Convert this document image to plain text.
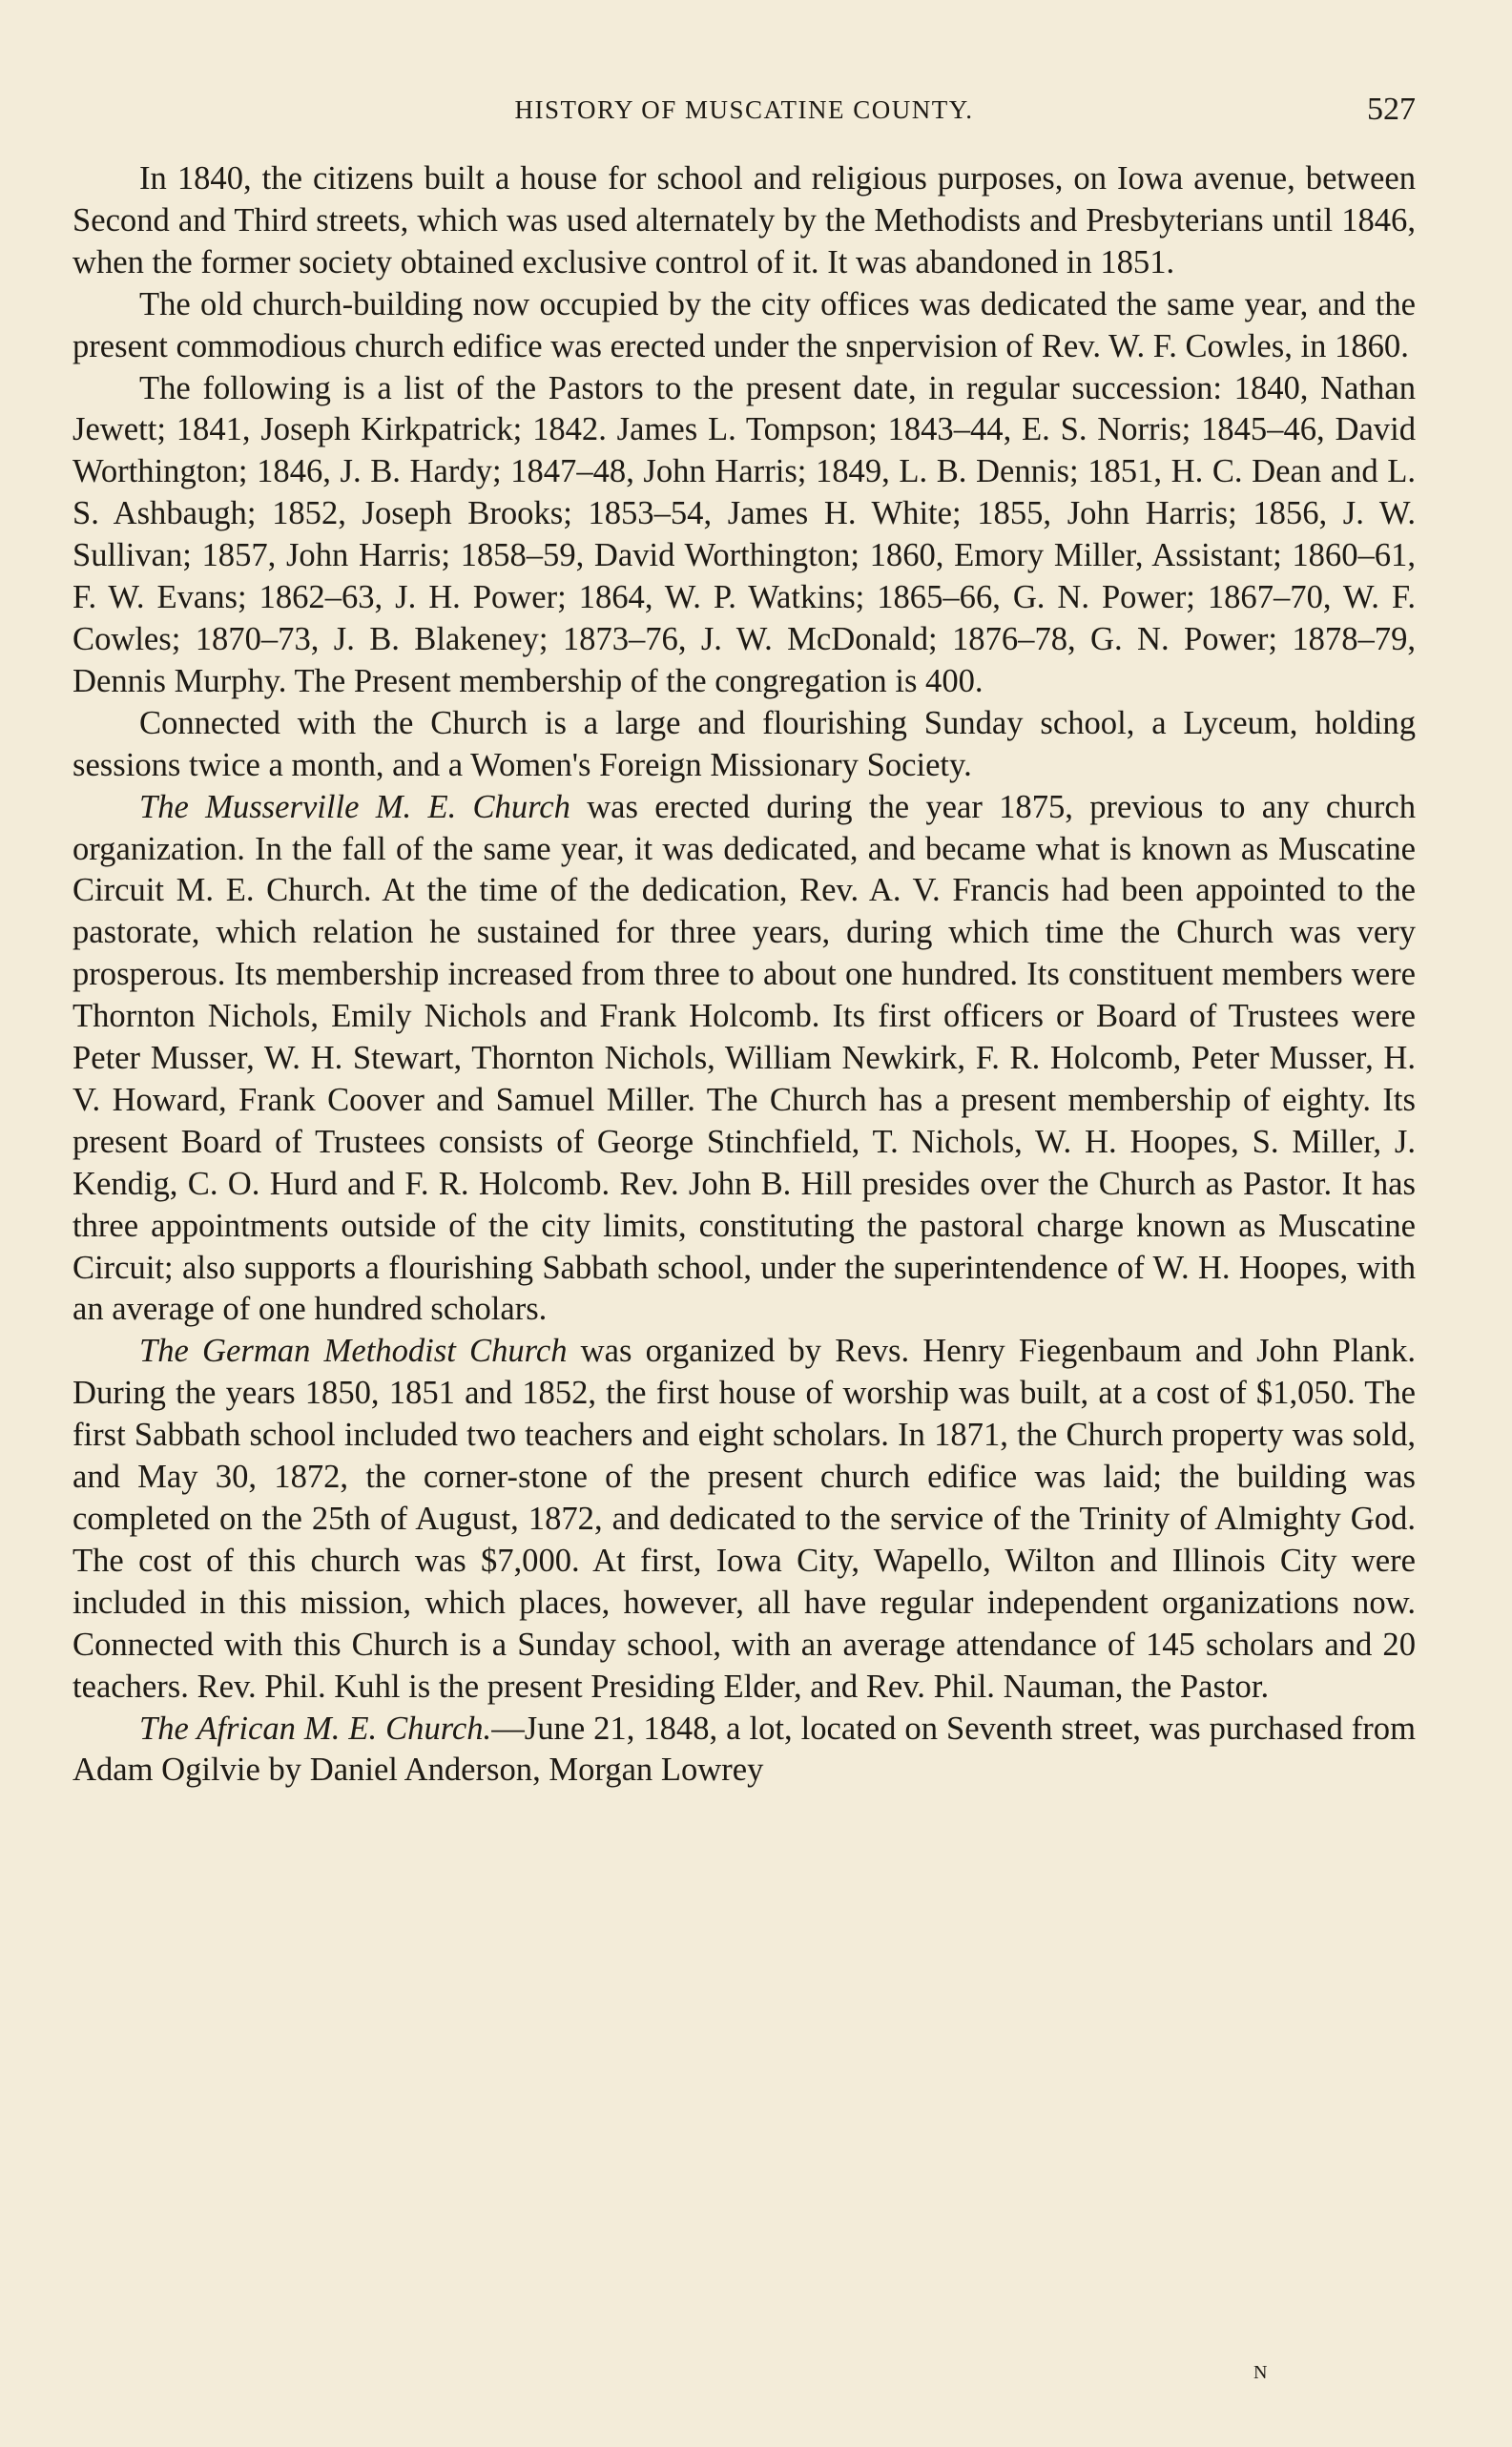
HISTORY OF MUSCATINE COUNTY.	527

In 1840, the citizens built a house for school and religious purposes, on Iowa avenue, between Second and Third streets, which was used alternately by the Methodists and Presbyterians until 1846, when the former society obtained exclusive control of it. It was abandoned in 1851.

The old church-building now occupied by the city offices was dedicated the same year, and the present commodious church edifice was erected under the snpervision of Rev. W. F. Cowles, in 1860.

The following is a list of the Pastors to the present date, in regular succession: 1840, Nathan Jewett; 1841, Joseph Kirkpatrick; 1842. James L. Tompson; 1843–44, E. S. Norris; 1845–46, David Worthington; 1846, J. B. Hardy; 1847–48, John Harris; 1849, L. B. Dennis; 1851, H. C. Dean and L. S. Ashbaugh; 1852, Joseph Brooks; 1853–54, James H. White; 1855, John Harris; 1856, J. W. Sullivan; 1857, John Harris; 1858–59, David Worthington; 1860, Emory Miller, Assistant; 1860–61, F. W. Evans; 1862–63, J. H. Power; 1864, W. P. Watkins; 1865–66, G. N. Power; 1867–70, W. F. Cowles; 1870–73, J. B. Blakeney; 1873–76, J. W. McDonald; 1876–78, G. N. Power; 1878–79, Dennis Murphy. The Present membership of the congregation is 400.

Connected with the Church is a large and flourishing Sunday school, a Lyceum, holding sessions twice a month, and a Women's Foreign Missionary Society.

The Musserville M. E. Church was erected during the year 1875, previous to any church organization. In the fall of the same year, it was dedicated, and became what is known as Muscatine Circuit M. E. Church. At the time of the dedication, Rev. A. V. Francis had been appointed to the pastorate, which relation he sustained for three years, during which time the Church was very prosperous. Its membership increased from three to about one hundred. Its constituent members were Thornton Nichols, Emily Nichols and Frank Holcomb. Its first officers or Board of Trustees were Peter Musser, W. H. Stewart, Thornton Nichols, William Newkirk, F. R. Holcomb, Peter Musser, H. V. Howard, Frank Coover and Samuel Miller. The Church has a present membership of eighty. Its present Board of Trustees consists of George Stinchfield, T. Nichols, W. H. Hoopes, S. Miller, J. Kendig, C. O. Hurd and F. R. Holcomb. Rev. John B. Hill presides over the Church as Pastor. It has three appointments outside of the city limits, constituting the pastoral charge known as Muscatine Circuit; also supports a flourishing Sabbath school, under the superintendence of W. H. Hoopes, with an average of one hundred scholars.

The German Methodist Church was organized by Revs. Henry Fiegenbaum and John Plank. During the years 1850, 1851 and 1852, the first house of worship was built, at a cost of $1,050. The first Sabbath school included two teachers and eight scholars. In 1871, the Church property was sold, and May 30, 1872, the corner-stone of the present church edifice was laid; the building was completed on the 25th of August, 1872, and dedicated to the service of the Trinity of Almighty God. The cost of this church was $7,000. At first, Iowa City, Wapello, Wilton and Illinois City were included in this mission, which places, however, all have regular independent organizations now. Connected with this Church is a Sunday school, with an average attendance of 145 scholars and 20 teachers. Rev. Phil. Kuhl is the present Presiding Elder, and Rev. Phil. Nauman, the Pastor.

The African M. E. Church.—June 21, 1848, a lot, located on Seventh street, was purchased from Adam Ogilvie by Daniel Anderson, Morgan Lowrey

N
